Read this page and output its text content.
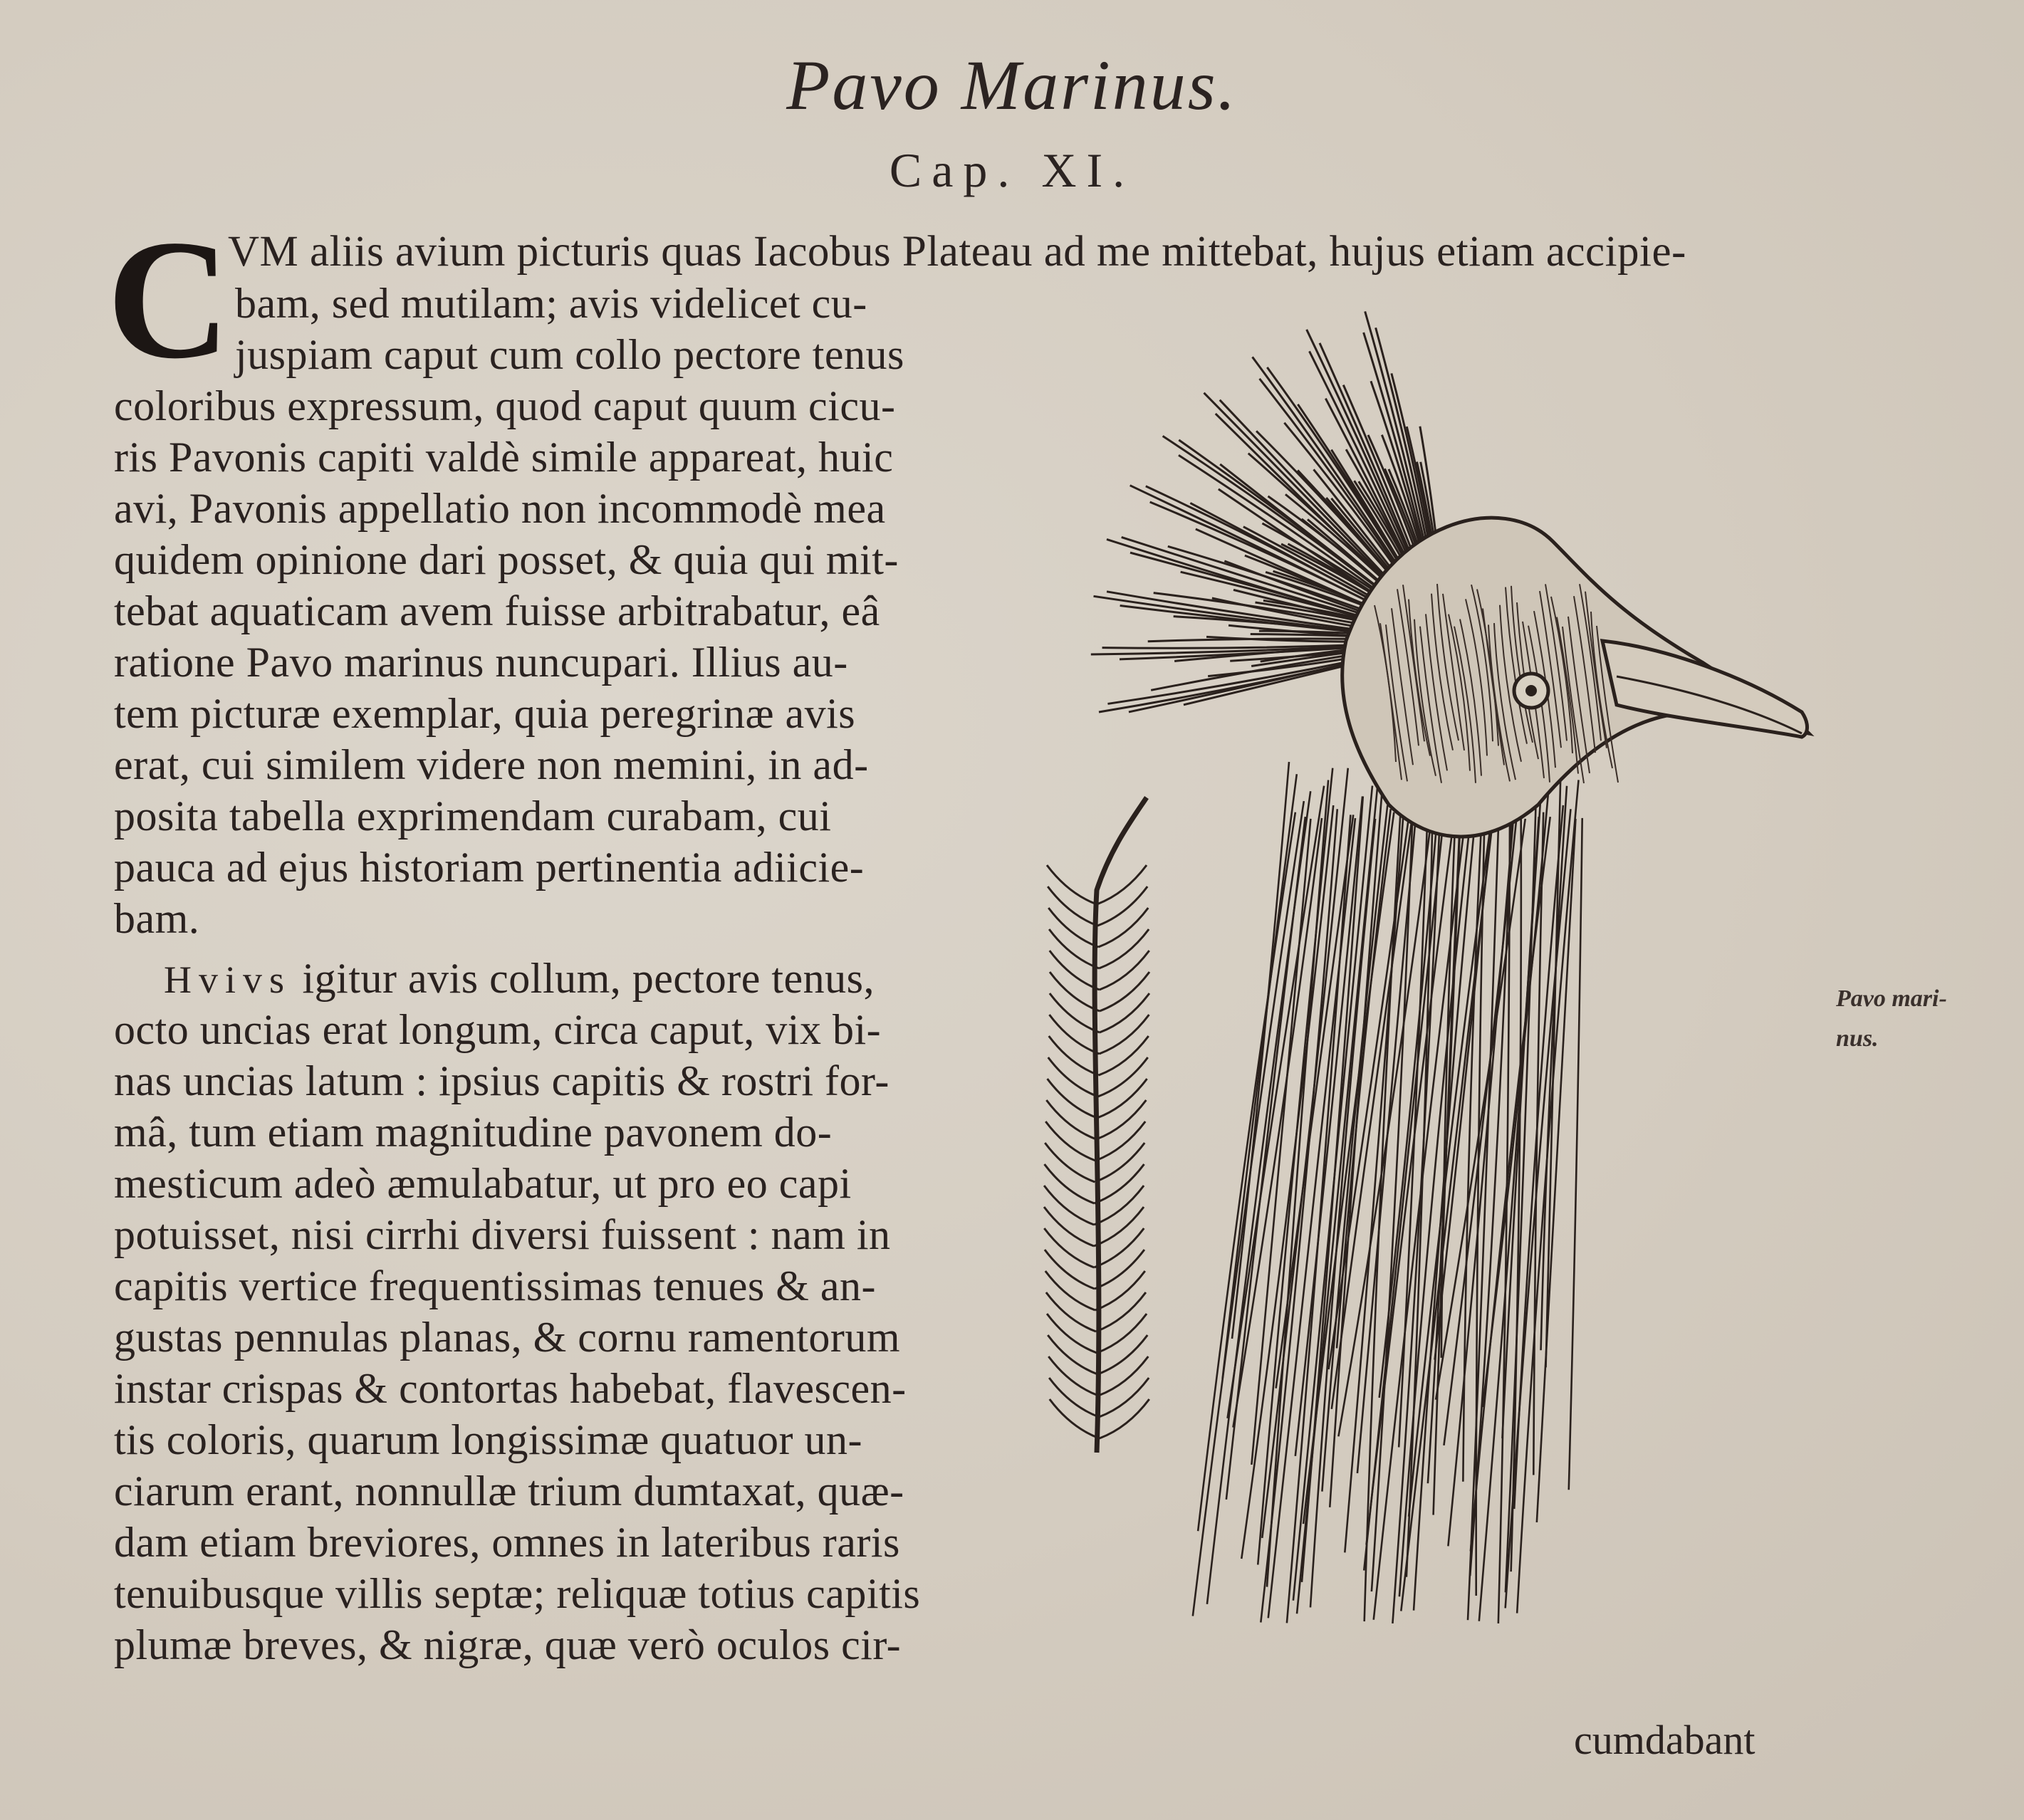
Pavo Marinus.
Cap. XI.
C
VM aliis avium picturis quas Iacobus Plateau ad me mittebat, hujus etiam accipie-
bam, sed mutilam; avis videlicet cu-
juspiam caput cum collo pectore tenus
coloribus expressum, quod caput quum cicu-
ris Pavonis capiti valdè simile appareat, huic
avi, Pavonis appellatio non incommodè mea
quidem opinione dari posset, & quia qui mit-
tebat aquaticam avem fuisse arbitrabatur, eâ
ratione Pavo marinus nuncupari. Illius au-
tem picturæ exemplar, quia peregrinæ avis
erat, cui similem videre non memini, in ad-
posita tabella exprimendam curabam, cui
pauca ad ejus historiam pertinentia adiicie-
bam.
Hvivs igitur avis collum, pectore tenus,
octo uncias erat longum, circa caput, vix bi-
nas uncias latum : ipsius capitis & rostri for-
mâ, tum etiam magnitudine pavonem do-
mesticum adeò æmulabatur, ut pro eo capi
potuisset, nisi cirrhi diversi fuissent : nam in
capitis vertice frequentissimas tenues & an-
gustas pennulas planas, & cornu ramentorum
instar crispas & contortas habebat, flavescen-
tis coloris, quarum longissimæ quatuor un-
ciarum erant, nonnullæ trium dumtaxat, quæ-
dam etiam breviores, omnes in lateribus raris
tenuibusque villis septæ; reliquæ totius capitis
plumæ breves, & nigræ, quæ verò oculos cir-
Pavo mari-
nus.
cumdabant
